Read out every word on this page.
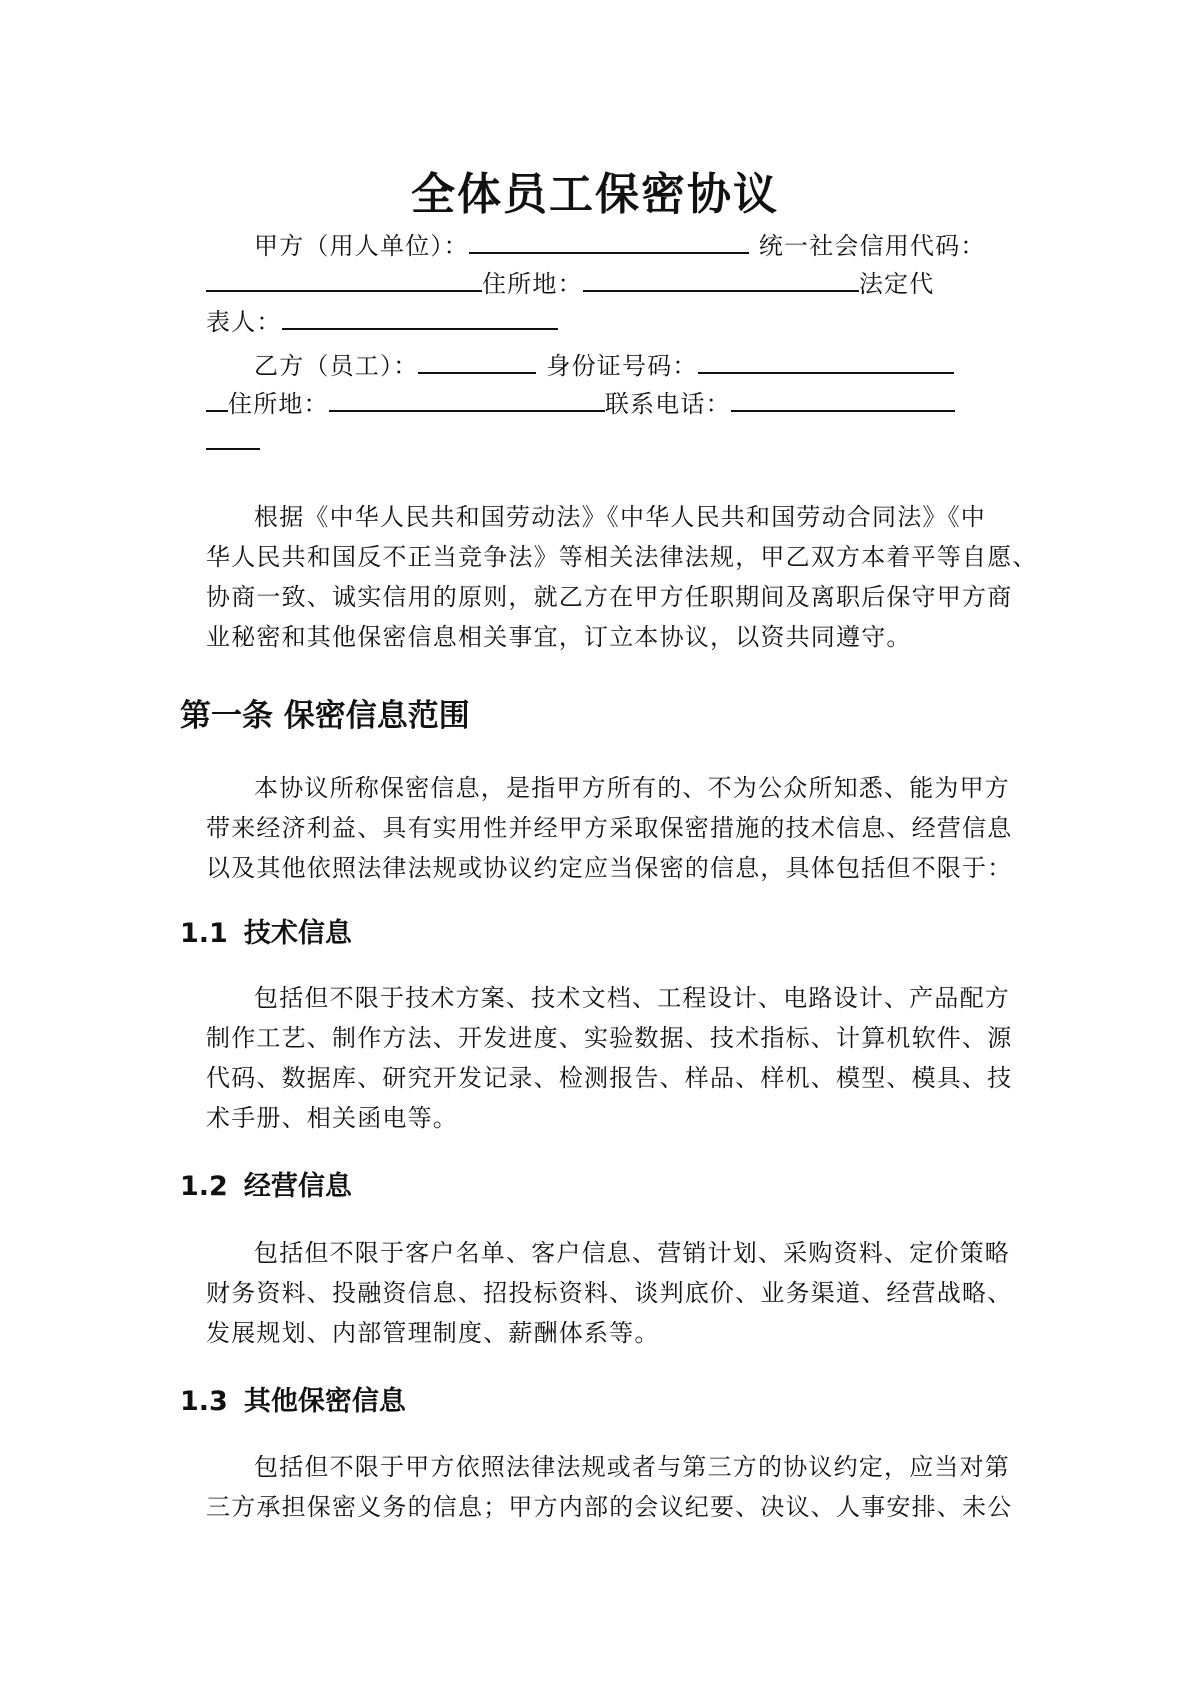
全体员工保密协议
甲方（用人单位）：	统一社会信用代码：
住所地：	法定代
表人：
乙方（员工）：	身份证号码：
住所地：	联系电话：
根据《中华人民共和国劳动法》《中华人民共和国劳动合同法》《中
华人民共和国反不正当竞争法》等相关法律法规，甲乙双方本着平等自愿、
协商一致、诚实信用的原则，就乙方在甲方任职期间及离职后保守甲方商
业秘密和其他保密信息相关事宜，订立本协议，以资共同遵守。
第一条 保密信息范围
本协议所称保密信息，是指甲方所有的、不为公众所知悉、能为甲方
带来经济利益、具有实用性并经甲方采取保密措施的技术信息、经营信息
以及其他依照法律法规或协议约定应当保密的信息，具体包括但不限于：
1.1 技术信息
包括但不限于技术方案、技术文档、工程设计、电路设计、产品配方
制作工艺、制作方法、开发进度、实验数据、技术指标、计算机软件、源
代码、数据库、研究开发记录、检测报告、样品、样机、模型、模具、技
术手册、相关函电等。
1.2 经营信息
包括但不限于客户名单、客户信息、营销计划、采购资料、定价策略
财务资料、投融资信息、招投标资料、谈判底价、业务渠道、经营战略、
发展规划、内部管理制度、薪酬体系等。
1.3 其他保密信息
包括但不限于甲方依照法律法规或者与第三方的协议约定，应当对第
三方承担保密义务的信息；甲方内部的会议纪要、决议、人事安排、未公
